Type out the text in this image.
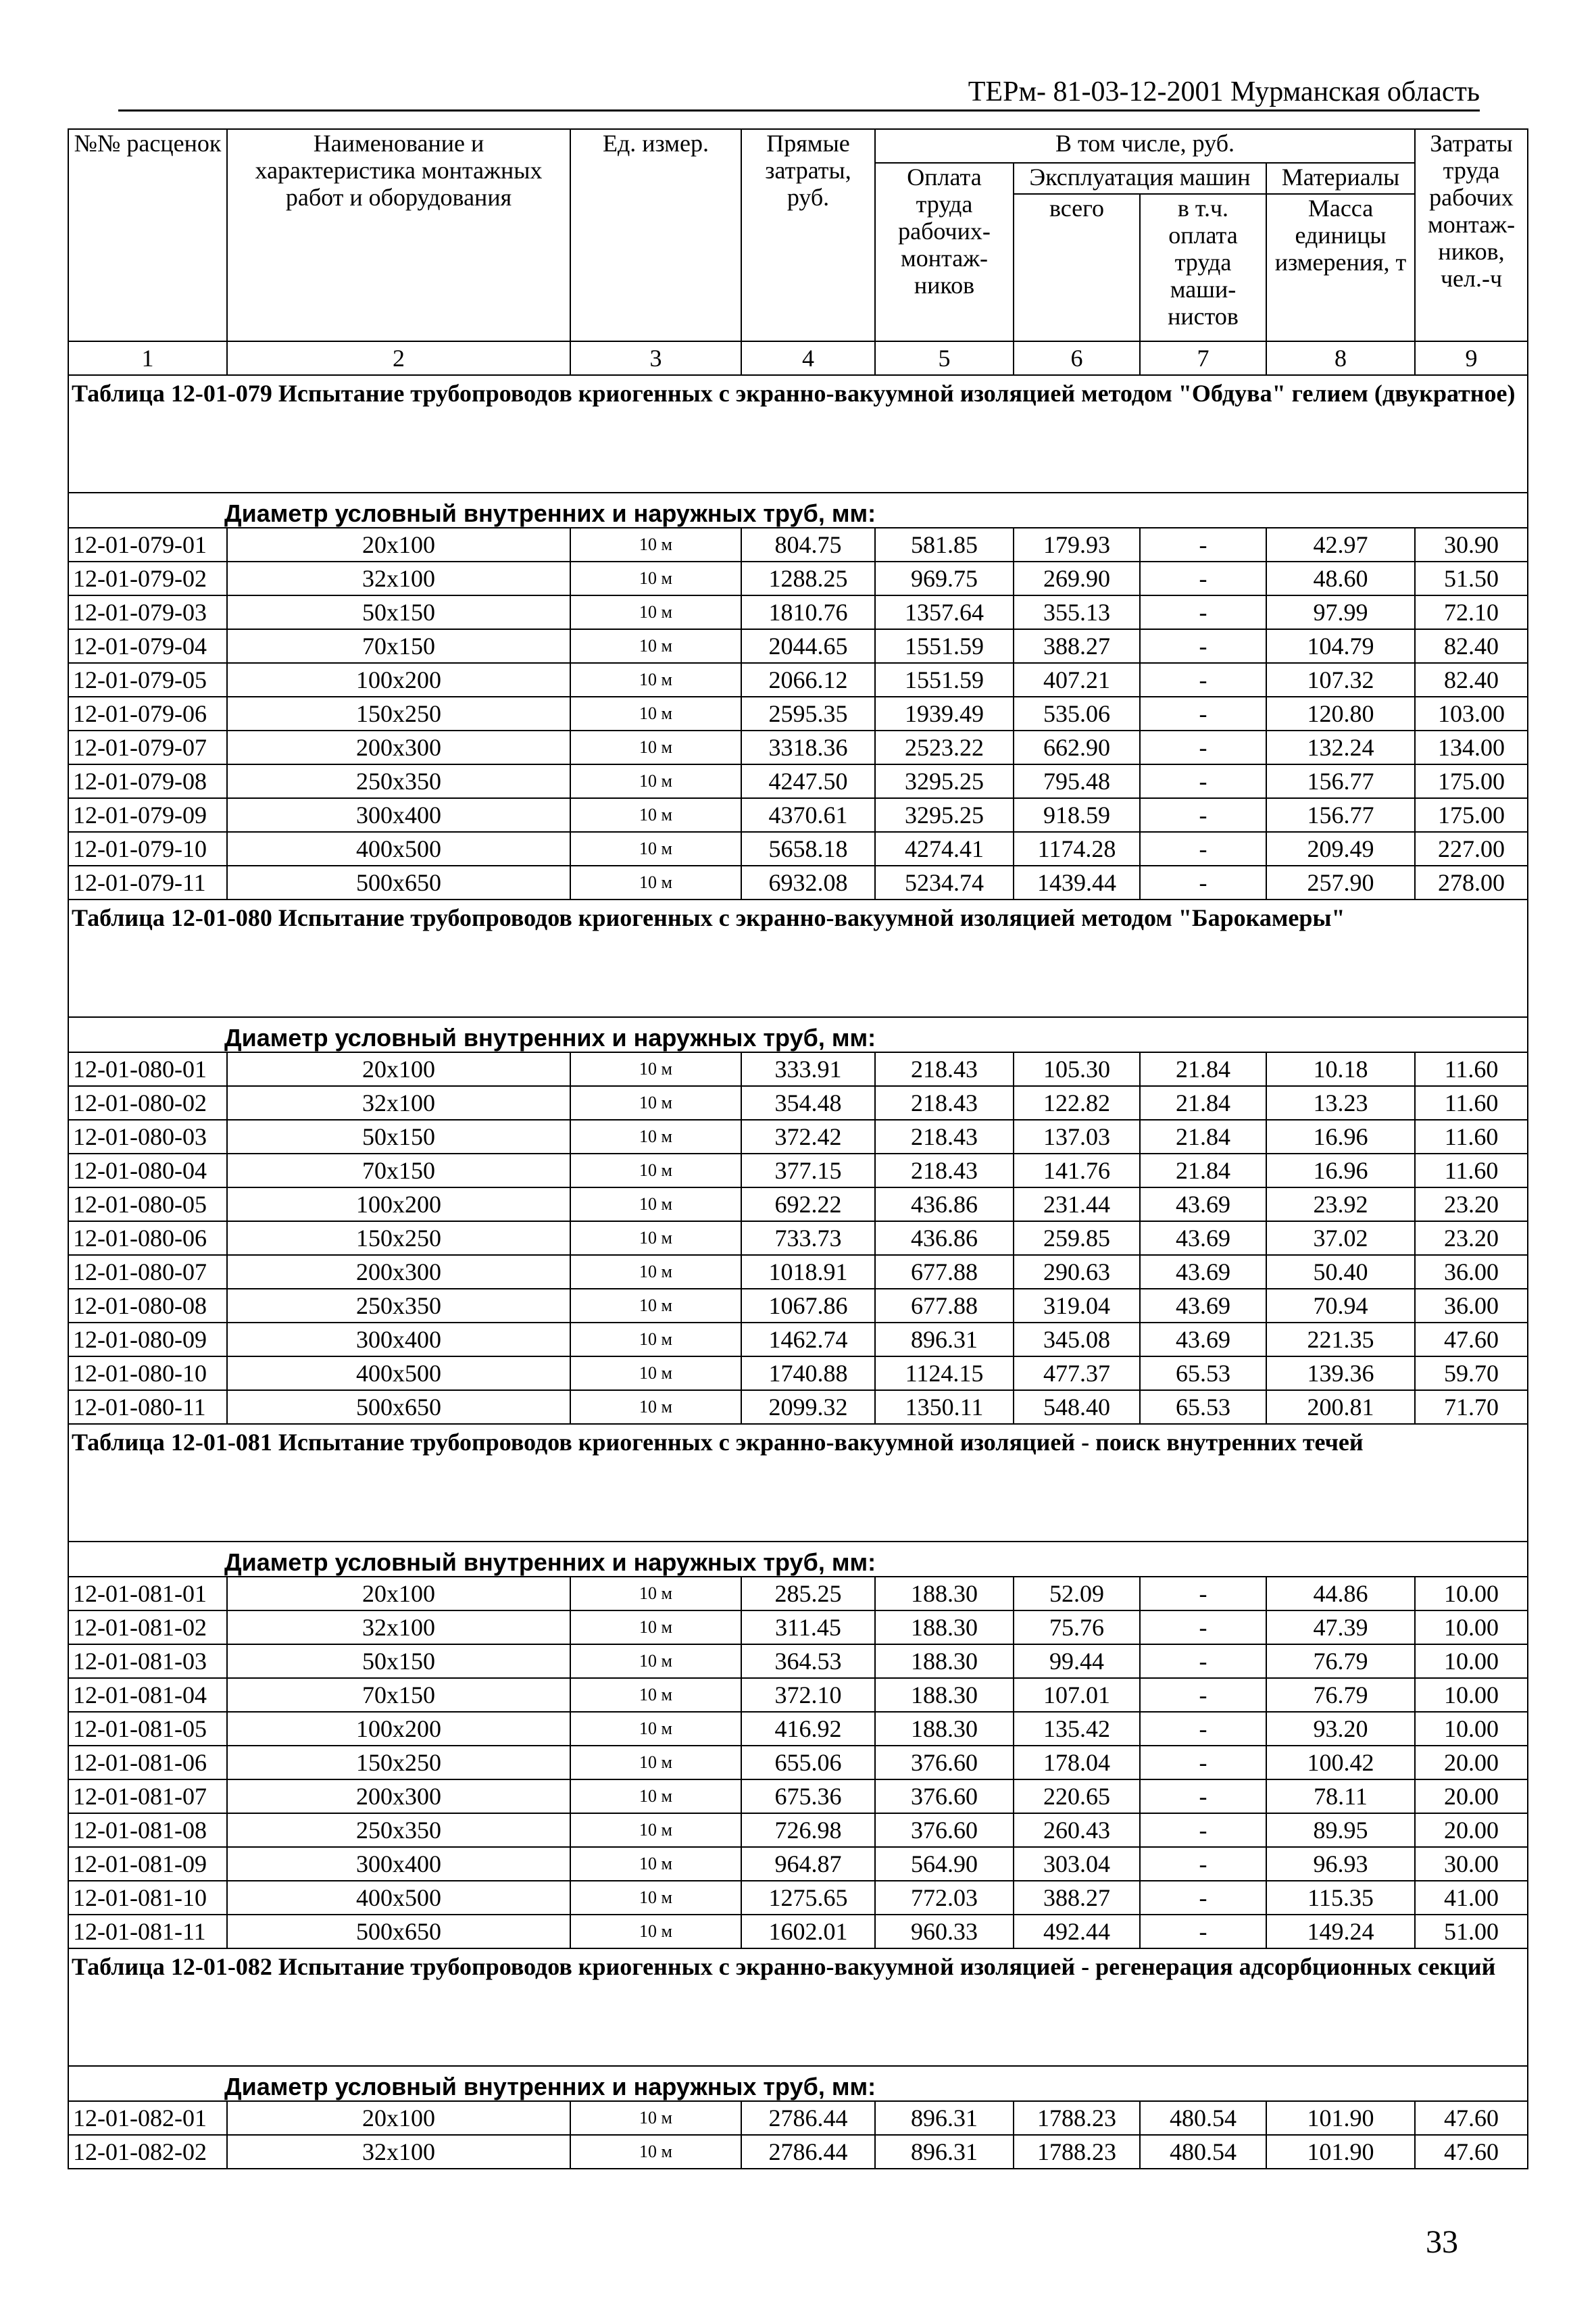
ТЕРм- 81-03-12-2001 Мурманская область
№№ расценок	Наименование и характеристика монтажных работ и оборудования	Ед. измер.	Прямые затраты, руб.	В том числе, руб.				Затраты труда рабочих монтаж-ников, чел.-ч
				Оплата труда рабочих-монтаж-ников	Эксплуатация машин		Материалы	
					всего	в т.ч. оплата труда маши-нистов	Масса единицы измерения, т	
1	2	3	4	5	6	7	8	9
Таблица 12-01-079 Испытание трубопроводов криогенных с экранно-вакуумной изоляцией методом "Обдува" гелием (двукратное)								
Диаметр условный внутренних и наружных труб, мм:								
12-01-079-01	20x100	10 м	804.75	581.85	179.93	-	42.97	30.90
12-01-079-02	32x100	10 м	1288.25	969.75	269.90	-	48.60	51.50
12-01-079-03	50x150	10 м	1810.76	1357.64	355.13	-	97.99	72.10
12-01-079-04	70x150	10 м	2044.65	1551.59	388.27	-	104.79	82.40
12-01-079-05	100x200	10 м	2066.12	1551.59	407.21	-	107.32	82.40
12-01-079-06	150x250	10 м	2595.35	1939.49	535.06	-	120.80	103.00
12-01-079-07	200x300	10 м	3318.36	2523.22	662.90	-	132.24	134.00
12-01-079-08	250x350	10 м	4247.50	3295.25	795.48	-	156.77	175.00
12-01-079-09	300x400	10 м	4370.61	3295.25	918.59	-	156.77	175.00
12-01-079-10	400x500	10 м	5658.18	4274.41	1174.28	-	209.49	227.00
12-01-079-11	500x650	10 м	6932.08	5234.74	1439.44	-	257.90	278.00
Таблица 12-01-080 Испытание трубопроводов криогенных с экранно-вакуумной изоляцией методом "Барокамеры"								
Диаметр условный внутренних и наружных труб, мм:								
12-01-080-01	20x100	10 м	333.91	218.43	105.30	21.84	10.18	11.60
12-01-080-02	32x100	10 м	354.48	218.43	122.82	21.84	13.23	11.60
12-01-080-03	50x150	10 м	372.42	218.43	137.03	21.84	16.96	11.60
12-01-080-04	70x150	10 м	377.15	218.43	141.76	21.84	16.96	11.60
12-01-080-05	100x200	10 м	692.22	436.86	231.44	43.69	23.92	23.20
12-01-080-06	150x250	10 м	733.73	436.86	259.85	43.69	37.02	23.20
12-01-080-07	200x300	10 м	1018.91	677.88	290.63	43.69	50.40	36.00
12-01-080-08	250x350	10 м	1067.86	677.88	319.04	43.69	70.94	36.00
12-01-080-09	300x400	10 м	1462.74	896.31	345.08	43.69	221.35	47.60
12-01-080-10	400x500	10 м	1740.88	1124.15	477.37	65.53	139.36	59.70
12-01-080-11	500x650	10 м	2099.32	1350.11	548.40	65.53	200.81	71.70
Таблица 12-01-081 Испытание трубопроводов криогенных с экранно-вакуумной изоляцией - поиск внутренних течей								
Диаметр условный внутренних и наружных труб, мм:								
12-01-081-01	20x100	10 м	285.25	188.30	52.09	-	44.86	10.00
12-01-081-02	32x100	10 м	311.45	188.30	75.76	-	47.39	10.00
12-01-081-03	50x150	10 м	364.53	188.30	99.44	-	76.79	10.00
12-01-081-04	70x150	10 м	372.10	188.30	107.01	-	76.79	10.00
12-01-081-05	100x200	10 м	416.92	188.30	135.42	-	93.20	10.00
12-01-081-06	150x250	10 м	655.06	376.60	178.04	-	100.42	20.00
12-01-081-07	200x300	10 м	675.36	376.60	220.65	-	78.11	20.00
12-01-081-08	250x350	10 м	726.98	376.60	260.43	-	89.95	20.00
12-01-081-09	300x400	10 м	964.87	564.90	303.04	-	96.93	30.00
12-01-081-10	400x500	10 м	1275.65	772.03	388.27	-	115.35	41.00
12-01-081-11	500x650	10 м	1602.01	960.33	492.44	-	149.24	51.00
Таблица 12-01-082 Испытание трубопроводов криогенных с экранно-вакуумной изоляцией - регенерация адсорбционных секций								
Диаметр условный внутренних и наружных труб, мм:								
12-01-082-01	20x100	10 м	2786.44	896.31	1788.23	480.54	101.90	47.60
12-01-082-02	32x100	10 м	2786.44	896.31	1788.23	480.54	101.90	47.60
33
